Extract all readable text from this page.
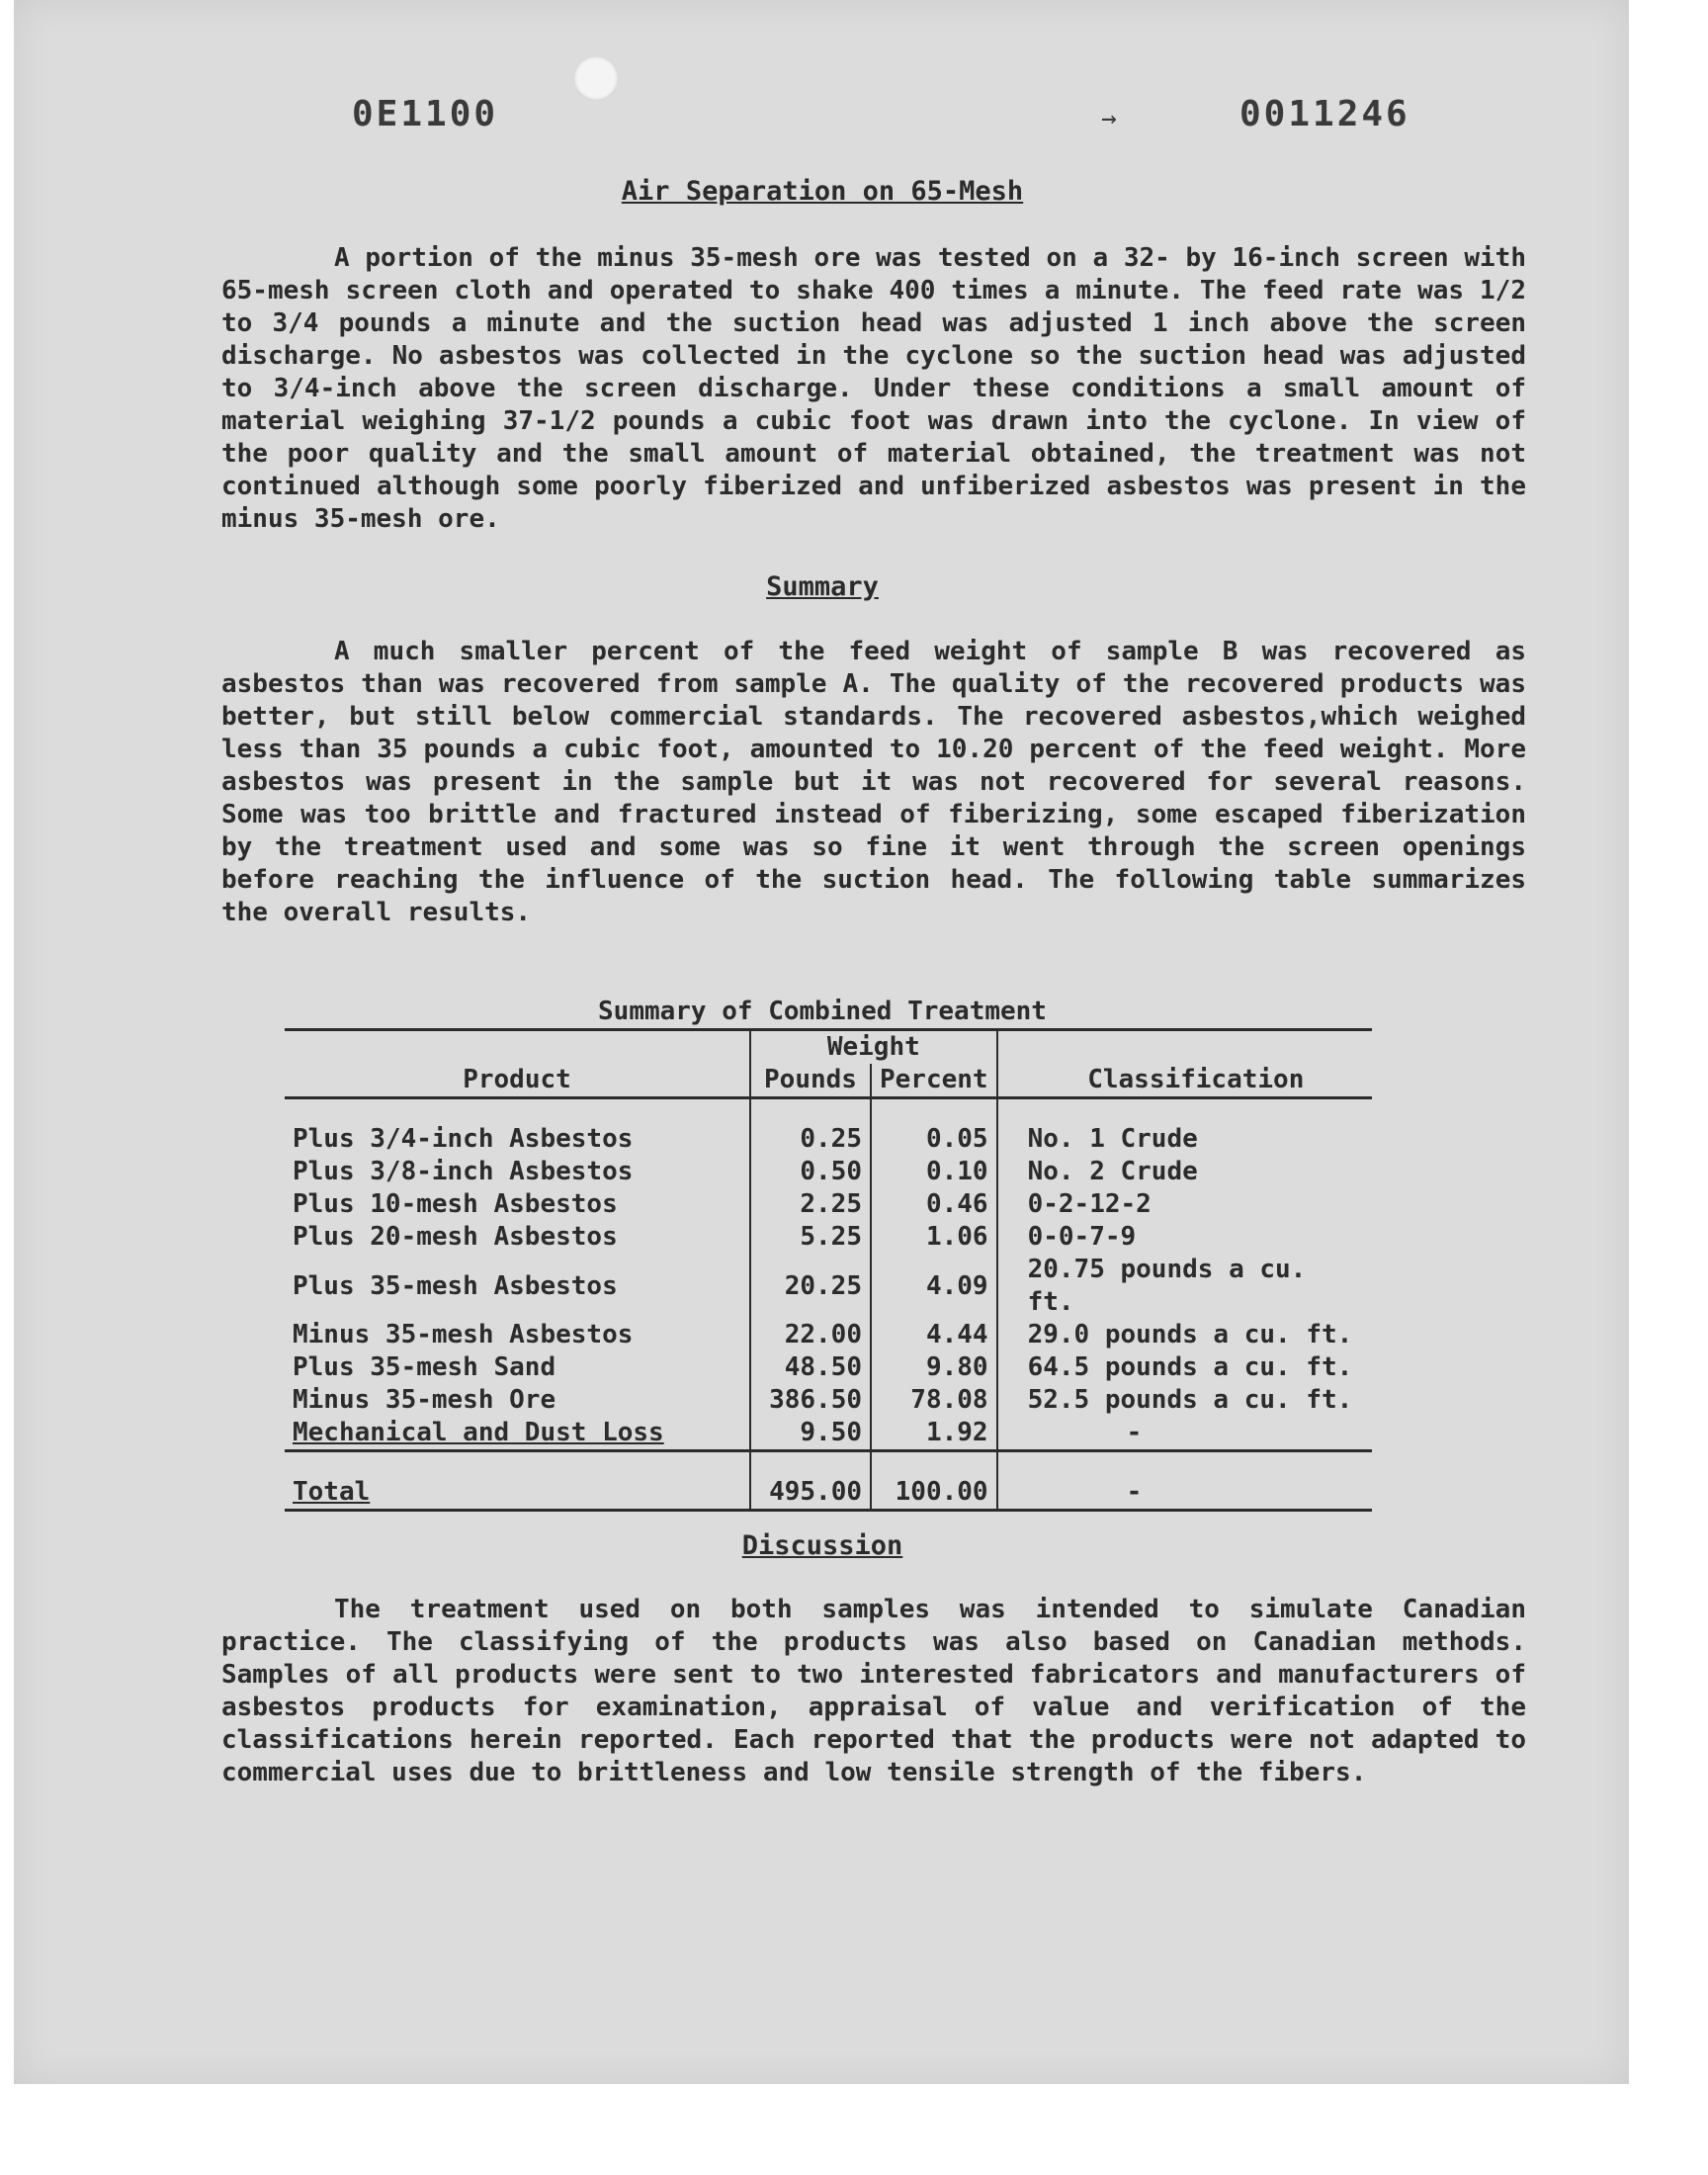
0E1100	→	0011246
Air Separation on 65-Mesh

A portion of the minus 35-mesh ore was tested on a 32- by 16-inch screen with 65-mesh screen cloth and operated to shake 400 times a minute. The feed rate was 1/2 to 3/4 pounds a minute and the suction head was adjusted 1 inch above the screen discharge. No asbestos was collected in the cyclone so the suction head was adjusted to 3/4-inch above the screen discharge. Under these conditions a small amount of material weighing 37-1/2 pounds a cubic foot was drawn into the cyclone. In view of the poor quality and the small amount of material obtained, the treatment was not continued although some poorly fiberized and unfiberized asbestos was present in the minus 35-mesh ore.

Summary

A much smaller percent of the feed weight of sample B was recovered as asbestos than was recovered from sample A. The quality of the recovered products was better, but still below commercial standards. The recovered asbestos,which weighed less than 35 pounds a cubic foot, amounted to 10.20 percent of the feed weight. More asbestos was present in the sample but it was not recovered for several reasons. Some was too brittle and fractured instead of fiberizing, some escaped fiberization by the treatment used and some was so fine it went through the screen openings before reaching the influence of the suction head. The following table summarizes the overall results.

Summary of Combined Treatment
	Weight		
Product	Pounds	Percent	Classification

Plus 3/4-inch Asbestos	0.25	0.05	No. 1 Crude
Plus 3/8-inch Asbestos	0.50	0.10	No. 2 Crude
Plus 10-mesh Asbestos	2.25	0.46	0-2-12-2
Plus 20-mesh Asbestos	5.25	1.06	0-0-7-9
Plus 35-mesh Asbestos	20.25	4.09	20.75 pounds a cu. ft.
Minus 35-mesh Asbestos	22.00	4.44	29.0 pounds a cu. ft.
Plus 35-mesh Sand	48.50	9.80	64.5 pounds a cu. ft.
Minus 35-mesh Ore	386.50	78.08	52.5 pounds a cu. ft.
Mechanical and Dust Loss	9.50	1.92	-

Total	495.00	100.00	-
Discussion

The treatment used on both samples was intended to simulate Canadian practice. The classifying of the products was also based on Canadian methods. Samples of all products were sent to two interested fabricators and manufacturers of asbestos products for examination, appraisal of value and verification of the classifications herein reported. Each reported that the products were not adapted to commercial uses due to brittleness and low tensile strength of the fibers.
